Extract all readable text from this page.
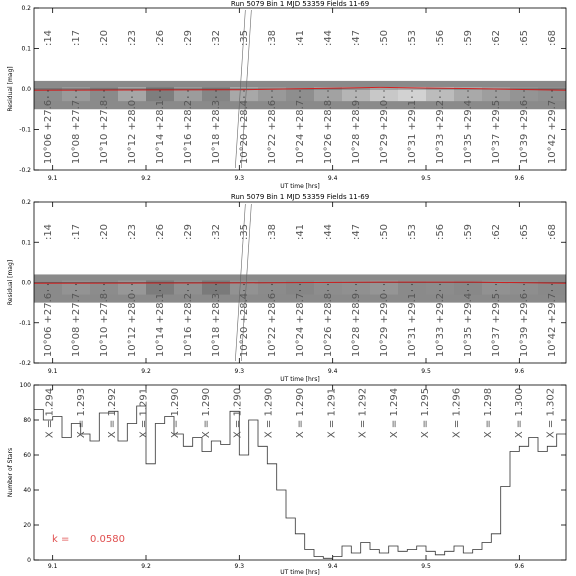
Run 5079 Bin 1 MJD 53359 Fields 11-69
9.1	9.2	9.3	9.4	9.5	9.6
-0.2
-0.1
0.0
0.1
0.2
UT time [hrs]
Residual [mag]
:14
10°06 +27.6
:17
10°08 +27.7
:20
10°10 +27.8
:23
10°12 +28.0
:26
10°14 +28.1
:29
10°16 +28.2
:32
10°18 +28.3
:35
10°20 +28.4
:38
10°22 +28.6
:41
10°24 +28.7
:44
10°26 +28.8
:47
10°28 +28.9
:50
10°29 +29.0
:53
10°31 +29.1
:56
10°33 +29.2
:59
10°35 +29.4
:62
10°37 +29.5
:65
10°39 +29.6
:68
10°42 +29.7
Run 5079 Bin 1 MJD 53359 Fields 11-69
9.1	9.2	9.3	9.4	9.5	9.6
-0.2
-0.1
0.0
0.1
0.2
UT time [hrs]
Residual [mag]
:14
10°06 +27.6
:17
10°08 +27.7
:20
10°10 +27.8
:23
10°12 +28.0
:26
10°14 +28.1
:29
10°16 +28.2
:32
10°18 +28.3
:35
10°20 +28.4
:38
10°22 +28.6
:41
10°24 +28.7
:44
10°26 +28.8
:47
10°28 +28.9
:50
10°29 +29.0
:53
10°31 +29.1
:56
10°33 +29.2
:59
10°35 +29.4
:62
10°37 +29.5
:65
10°39 +29.6
:68
10°42 +29.7
9.1	9.2	9.3	9.4	9.5	9.6
0
20
40
60
80
100
UT time [hrs]
Number of Stars
X = 1.294 X = 1.293 X = 1.292 X = 1.291 X = 1.290 X = 1.290 X = 1.290 X = 1.290 X = 1.290 X = 1.291 X = 1.292 X = 1.294 X = 1.295 X = 1.296 X = 1.298 X = 1.300 X = 1.302
k = 0.0580
